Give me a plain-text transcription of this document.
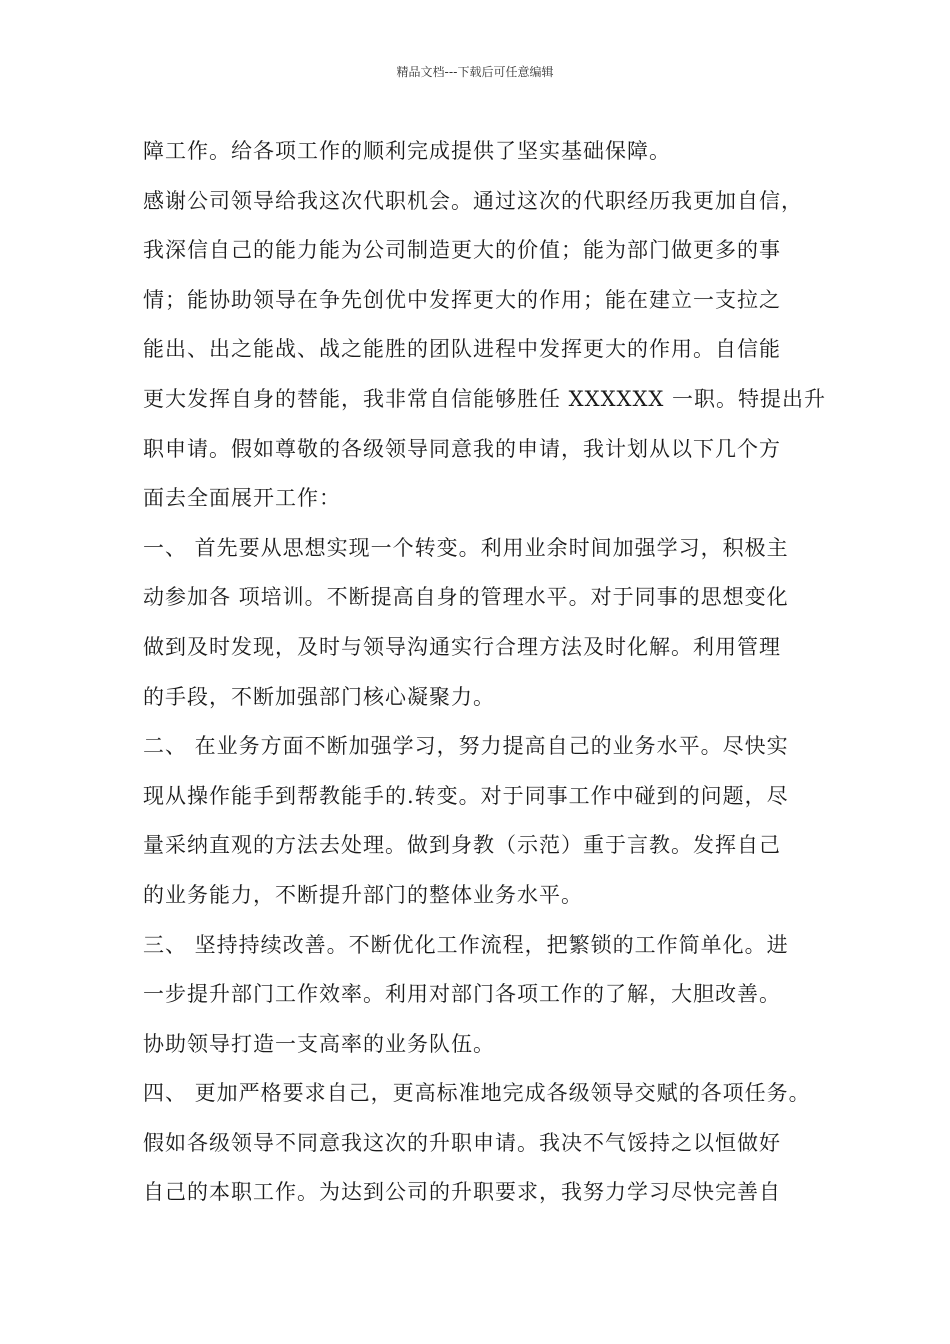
精品文档---下载后可任意编辑
障工作。给各项工作的顺利完成提供了坚实基础保障。
感谢公司领导给我这次代职机会。通过这次的代职经历我更加自信，
我深信自己的能力能为公司制造更大的价值；能为部门做更多的事
情；能协助领导在争先创优中发挥更大的作用；能在建立一支拉之
能出、出之能战、战之能胜的团队进程中发挥更大的作用。自信能
更大发挥自身的替能，我非常自信能够胜任 XXXXXX 一职。特提出升
职申请。假如尊敬的各级领导同意我的申请，我计划从以下几个方
面去全面展开工作：
一、 首先要从思想实现一个转变。利用业余时间加强学习，积极主
动参加各 项培训。不断提高自身的管理水平。对于同事的思想变化
做到及时发现，及时与领导沟通实行合理方法及时化解。利用管理
的手段，不断加强部门核心凝聚力。
二、 在业务方面不断加强学习，努力提高自己的业务水平。尽快实
现从操作能手到帮教能手的.转变。对于同事工作中碰到的问题，尽
量采纳直观的方法去处理。做到身教（示范）重于言教。发挥自己
的业务能力，不断提升部门的整体业务水平。
三、 坚持持续改善。不断优化工作流程，把繁锁的工作简单化。进
一步提升部门工作效率。利用对部门各项工作的了解，大胆改善。
协助领导打造一支高率的业务队伍。
四、 更加严格要求自己，更高标准地完成各级领导交赋的各项任务。
假如各级领导不同意我这次的升职申请。我决不气馁持之以恒做好
自己的本职工作。为达到公司的升职要求，我努力学习尽快完善自
